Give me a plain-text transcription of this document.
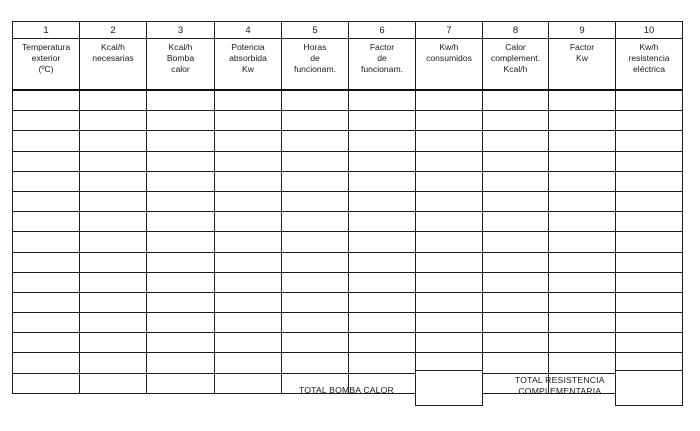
1	2	3	4	5	6	7	8	9	10

Temperatura
exterior
(ºC)	Kcal/h
necesarias	Kcal/h
Bomba
calor	Potencia
absorbida
Kw	Horas
de
funcionam.	Factor
de
funcionam.	Kw/h
consumidos	Calor
complement.
Kcal/h	Factor
Kw	Kw/h
resistencia
eléctrica

TOTAL BOMBA CALOR
TOTAL RESISTENCIA
COMPLEMENTARIA
